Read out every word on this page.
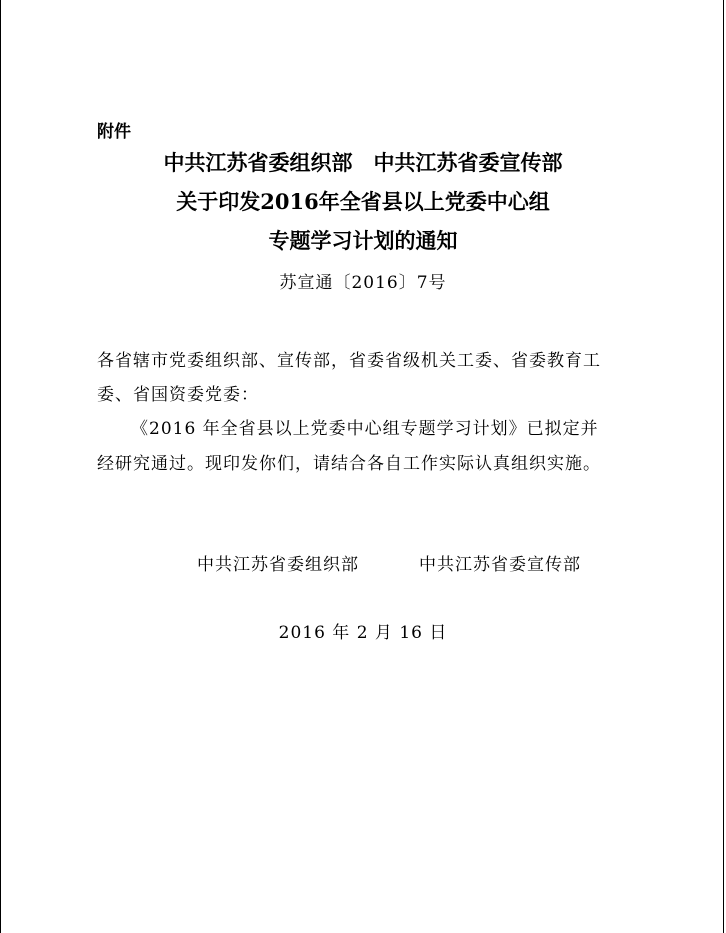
附件
中共江苏省委组织部　中共江苏省委宣传部
关于印发2016年全省县以上党委中心组
专题学习计划的通知
苏宣通〔2016〕7号
各省辖市党委组织部、宣传部，省委省级机关工委、省委教育工
委、省国资委党委：
《2016 年全省县以上党委中心组专题学习计划》已拟定并
经研究通过。现印发你们，请结合各自工作实际认真组织实施。
中共江苏省委组织部	中共江苏省委宣传部
2016 年 2 月 16 日
